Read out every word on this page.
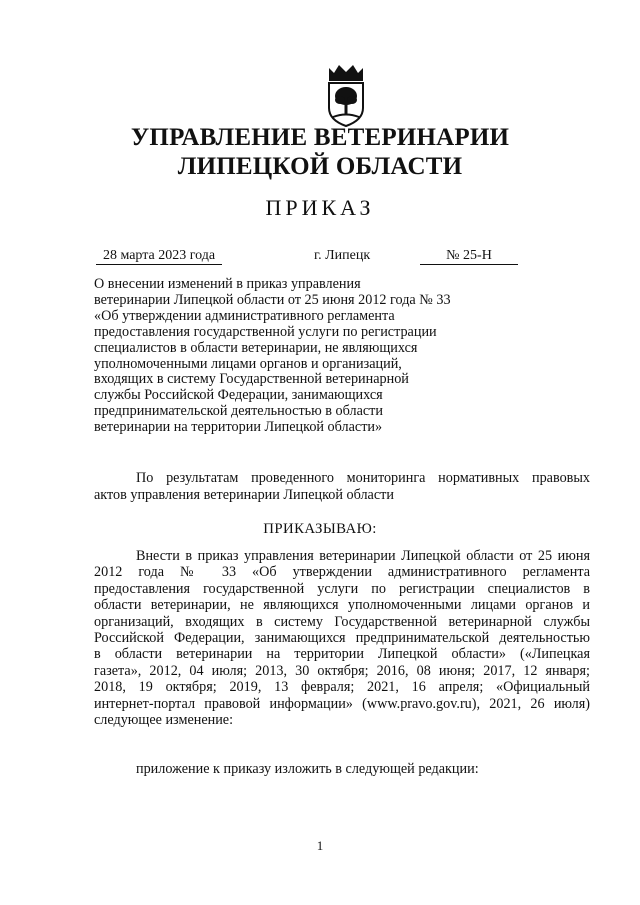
УПРАВЛЕНИЕ ВЕТЕРИНАРИИ
ЛИПЕЦКОЙ ОБЛАСТИ
ПРИКАЗ
28 марта 2023 года	г. Липецк	№ 25-Н
О внесении изменений в приказ управления
ветеринарии Липецкой области от 25 июня 2012 года № 33
«Об утверждении административного регламента
предоставления государственной услуги по регистрации
специалистов в области ветеринарии, не являющихся
уполномоченными лицами органов и организаций,
входящих в систему Государственной ветеринарной
службы Российской Федерации, занимающихся
предпринимательской деятельностью в области
ветеринарии на территории Липецкой области»
По результатам проведенного мониторинга нормативных правовых
актов управления ветеринарии Липецкой области
ПРИКАЗЫВАЮ:
Внести в приказ управления ветеринарии Липецкой области от 25 июня
2012 года № 33 «Об утверждении административного регламента
предоставления государственной услуги по регистрации специалистов в
области ветеринарии, не являющихся уполномоченными лицами органов и
организаций, входящих в систему Государственной ветеринарной службы
Российской Федерации, занимающихся предпринимательской деятельностью
в области ветеринарии на территории Липецкой области» («Липецкая
газета», 2012, 04 июля; 2013, 30 октября; 2016, 08 июня; 2017, 12 января;
2018, 19 октября; 2019, 13 февраля; 2021, 16 апреля; «Официальный
интернет-портал правовой информации» (www.pravo.gov.ru), 2021, 26 июля)
следующее изменение:
приложение к приказу изложить в следующей редакции:
1
